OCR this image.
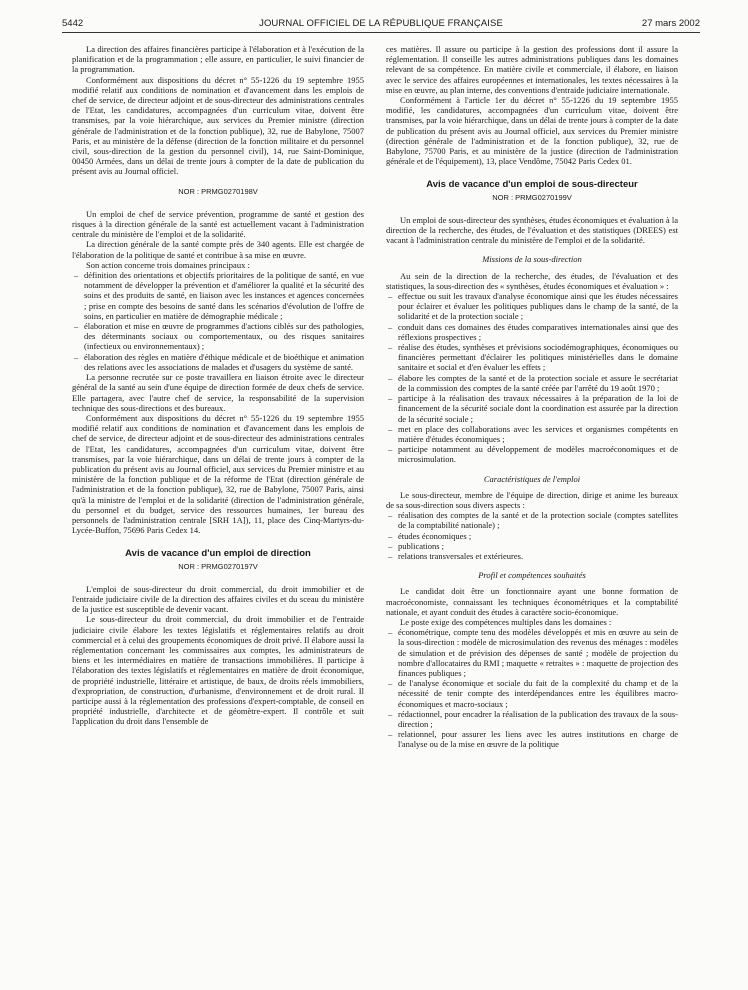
5442	JOURNAL OFFICIEL DE LA RÉPUBLIQUE FRANÇAISE	27 mars 2002

La direction des affaires financières participe à l'élaboration et à l'exécution de la planification et de la programmation ; elle assure, en particulier, le suivi financier de la programmation.

Conformément aux dispositions du décret n° 55-1226 du 19 septembre 1955 modifié relatif aux conditions de nomination et d'avancement dans les emplois de chef de service, de directeur adjoint et de sous-directeur des administrations centrales de l'Etat, les candidatures, accompagnées d'un curriculum vitae, doivent être transmises, par la voie hiérarchique, aux services du Premier ministre (direction générale de l'administration et de la fonction publique), 32, rue de Babylone, 75007 Paris, et au ministère de la défense (direction de la fonction militaire et du personnel civil, sous-direction de la gestion du personnel civil), 14, rue Saint-Dominique, 00450 Armées, dans un délai de trente jours à compter de la date de publication du présent avis au Journal officiel.

NOR : PRMG0270198V

Un emploi de chef de service prévention, programme de santé et gestion des risques à la direction générale de la santé est actuellement vacant à l'administration centrale du ministère de l'emploi et de la solidarité.

La direction générale de la santé compte près de 340 agents. Elle est chargée de l'élaboration de la politique de santé et contribue à sa mise en œuvre.

Son action concerne trois domaines principaux :

– définition des orientations et objectifs prioritaires de la politique de santé, en vue notamment de développer la prévention et d'améliorer la qualité et la sécurité des soins et des produits de santé, en liaison avec les instances et agences concernées ; prise en compte des besoins de santé dans les scénarios d'évolution de l'offre de soins, en particulier en matière de démographie médicale ;
– élaboration et mise en œuvre de programmes d'actions ciblés sur des pathologies, des déterminants sociaux ou comportementaux, ou des risques sanitaires (infectieux ou environnementaux) ;
– élaboration des règles en matière d'éthique médicale et de bioéthique et animation des relations avec les associations de malades et d'usagers du système de santé.

La personne recrutée sur ce poste travaillera en liaison étroite avec le directeur général de la santé au sein d'une équipe de direction formée de deux chefs de service. Elle partagera, avec l'autre chef de service, la responsabilité de la supervision technique des sous-directions et des bureaux.

Conformément aux dispositions du décret n° 55-1226 du 19 septembre 1955 modifié relatif aux conditions de nomination et d'avancement dans les emplois de chef de service, de directeur adjoint et de sous-directeur des administrations centrales de l'Etat, les candidatures, accompagnées d'un curriculum vitae, doivent être transmises, par la voie hiérarchique, dans un délai de trente jours à compter de la publication du présent avis au Journal officiel, aux services du Premier ministre et au ministère de la fonction publique et de la réforme de l'Etat (direction générale de l'administration et de la fonction publique), 32, rue de Babylone, 75007 Paris, ainsi qu'à la ministre de l'emploi et de la solidarité (direction de l'administration générale, du personnel et du budget, service des ressources humaines, 1er bureau des personnels de l'administration centrale [SRH 1A]), 11, place des Cinq-Martyrs-du-Lycée-Buffon, 75696 Paris Cedex 14.

Avis de vacance d'un emploi de direction
NOR : PRMG0270197V

L'emploi de sous-directeur du droit commercial, du droit immobilier et de l'entraide judiciaire civile de la direction des affaires civiles et du sceau du ministère de la justice est susceptible de devenir vacant.

Le sous-directeur du droit commercial, du droit immobilier et de l'entraide judiciaire civile élabore les textes législatifs et réglementaires relatifs au droit commercial et à celui des groupements économiques de droit privé. Il élabore aussi la réglementation concernant les commissaires aux comptes, les administrateurs de biens et les intermédiaires en matière de transactions immobilières. Il participe à l'élaboration des textes législatifs et réglementaires en matière de droit économique, de propriété industrielle, littéraire et artistique, de baux, de droits réels immobiliers, d'expropriation, de construction, d'urbanisme, d'environnement et de droit rural. Il participe aussi à la réglementation des professions d'expert-comptable, de conseil en propriété industrielle, d'architecte et de géomètre-expert. Il contrôle et suit l'application du droit dans l'ensemble de

ces matières. Il assure ou participe à la gestion des professions dont il assure la réglementation. Il conseille les autres administrations publiques dans les domaines relevant de sa compétence. En matière civile et commerciale, il élabore, en liaison avec le service des affaires européennes et internationales, les textes nécessaires à la mise en œuvre, au plan interne, des conventions d'entraide judiciaire internationale.

Conformément à l'article 1er du décret n° 55-1226 du 19 septembre 1955 modifié, les candidatures, accompagnées d'un curriculum vitae, doivent être transmises, par la voie hiérarchique, dans un délai de trente jours à compter de la date de publication du présent avis au Journal officiel, aux services du Premier ministre (direction générale de l'administration et de la fonction publique), 32, rue de Babylone, 75700 Paris, et au ministère de la justice (direction de l'administration générale et de l'équipement), 13, place Vendôme, 75042 Paris Cedex 01.

Avis de vacance d'un emploi de sous-directeur
NOR : PRMG0270199V

Un emploi de sous-directeur des synthèses, études économiques et évaluation à la direction de la recherche, des études, de l'évaluation et des statistiques (DREES) est vacant à l'administration centrale du ministère de l'emploi et de la solidarité.

Missions de la sous-direction

Au sein de la direction de la recherche, des études, de l'évaluation et des statistiques, la sous-direction des « synthèses, études économiques et évaluation » :

– effectue ou suit les travaux d'analyse économique ainsi que les études nécessaires pour éclairer et évaluer les politiques publiques dans le champ de la santé, de la solidarité et de la protection sociale ;
– conduit dans ces domaines des études comparatives internationales ainsi que des réflexions prospectives ;
– réalise des études, synthèses et prévisions sociodémographiques, économiques ou financières permettant d'éclairer les politiques ministérielles dans le domaine sanitaire et social et d'en évaluer les effets ;
– élabore les comptes de la santé et de la protection sociale et assure le secrétariat de la commission des comptes de la santé créée par l'arrêté du 19 août 1970 ;
– participe à la réalisation des travaux nécessaires à la préparation de la loi de financement de la sécurité sociale dont la coordination est assurée par la direction de la sécurité sociale ;
– met en place des collaborations avec les services et organismes compétents en matière d'études économiques ;
– participe notamment au développement de modèles macroéconomiques et de microsimulation.
Caractéristiques de l'emploi

Le sous-directeur, membre de l'équipe de direction, dirige et anime les bureaux de sa sous-direction sous divers aspects :

– réalisation des comptes de la santé et de la protection sociale (comptes satellites de la comptabilité nationale) ;
– études économiques ;
– publications ;
– relations transversales et extérieures.
Profil et compétences souhaités

Le candidat doit être un fonctionnaire ayant une bonne formation de macroéconomiste, connaissant les techniques économétriques et la comptabilité nationale, et ayant conduit des études à caractère socio-économique.

Le poste exige des compétences multiples dans les domaines :

– économétrique, compte tenu des modèles développés et mis en œuvre au sein de la sous-direction : modèle de microsimulation des revenus des ménages : modèles de simulation et de prévision des dépenses de santé ; modèle de projection du nombre d'allocataires du RMI ; maquette « retraites » : maquette de projection des finances publiques ;
– de l'analyse économique et sociale du fait de la complexité du champ et de la nécessité de tenir compte des interdépendances entre les équilibres macro-économiques et macro-sociaux ;
– rédactionnel, pour encadrer la réalisation de la publication des travaux de la sous-direction ;
– relationnel, pour assurer les liens avec les autres institutions en charge de l'analyse ou de la mise en œuvre de la politique
